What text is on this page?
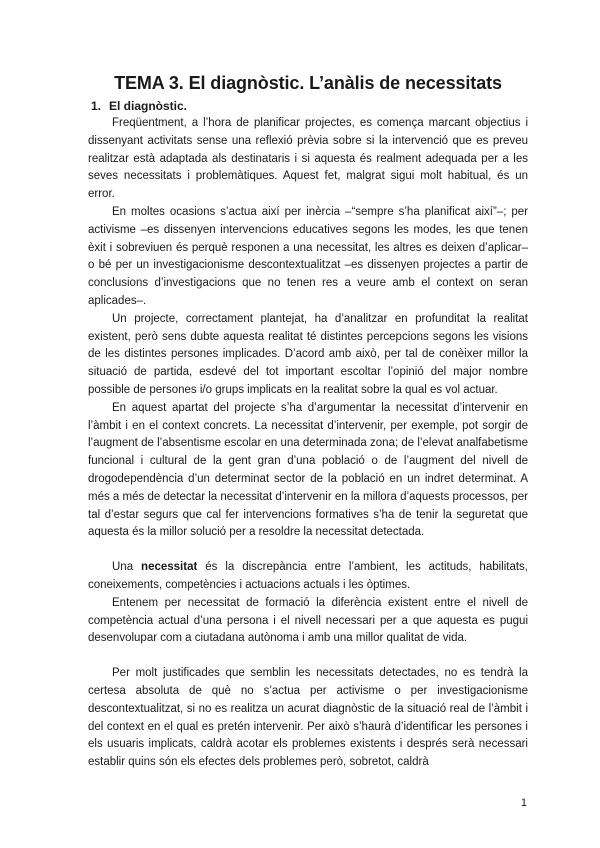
TEMA 3. El diagnòstic. L’anàlis de necessitats
1. El diagnòstic.

Freqüentment, a l’hora de planificar projectes, es comença marcant objectius i dissenyant activitats sense una reflexió prèvia sobre si la intervenció que es preveu realitzar està adaptada als destinataris i si aquesta és realment adequada per a les seves necessitats i problemàtiques. Aquest fet, malgrat sigui molt habitual, és un error.

En moltes ocasions s’actua així per inèrcia –“sempre s’ha planificat així”–; per activisme –es dissenyen intervencions educatives segons les modes, les que tenen èxit i sobreviuen és perquè responen a una necessitat, les altres es deixen d’aplicar– o bé per un investigacionisme descontextualitzat –es dissenyen projectes a partir de conclusions d’investigacions que no tenen res a veure amb el context on seran aplicades–.

Un projecte, correctament plantejat, ha d’analitzar en profunditat la realitat existent, però sens dubte aquesta realitat té distintes percepcions segons les visions de les distintes persones implicades. D’acord amb això, per tal de conèixer millor la situació de partida, esdevé del tot important escoltar l’opinió del major nombre possible de persones i/o grups implicats en la realitat sobre la qual es vol actuar.

En aquest apartat del projecte s’ha d’argumentar la necessitat d’intervenir en l’àmbit i en el context concrets. La necessitat d’intervenir, per exemple, pot sorgir de l’augment de l’absentisme escolar en una determinada zona; de l’elevat analfabetisme funcional i cultural de la gent gran d’una població o de l’augment del nivell de drogodependència d’un determinat sector de la població en un indret determinat. A més a més de detectar la necessitat d’intervenir en la millora d’aquests processos, per tal d’estar segurs que cal fer intervencions formatives s’ha de tenir la seguretat que aquesta és la millor solució per a resoldre la necessitat detectada.

Una necessitat és la discrepància entre l’ambient, les actituds, habilitats, coneixements, competències i actuacions actuals i les òptimes.

Entenem per necessitat de formació la diferència existent entre el nivell de competència actual d’una persona i el nivell necessari per a que aquesta es pugui desenvolupar com a ciutadana autònoma i amb una millor qualitat de vida.

Per molt justificades que semblin les necessitats detectades, no es tendrà la certesa absoluta de què no s’actua per activisme o per investigacionisme descontextualitzat, si no es realitza un acurat diagnòstic de la situació real de l’àmbit i del context en el qual es pretén intervenir. Per això s’haurà d’identificar les persones i els usuaris implicats, caldrà acotar els problemes existents i després serà necessari establir quins són els efectes dels problemes però, sobretot, caldrà

1
